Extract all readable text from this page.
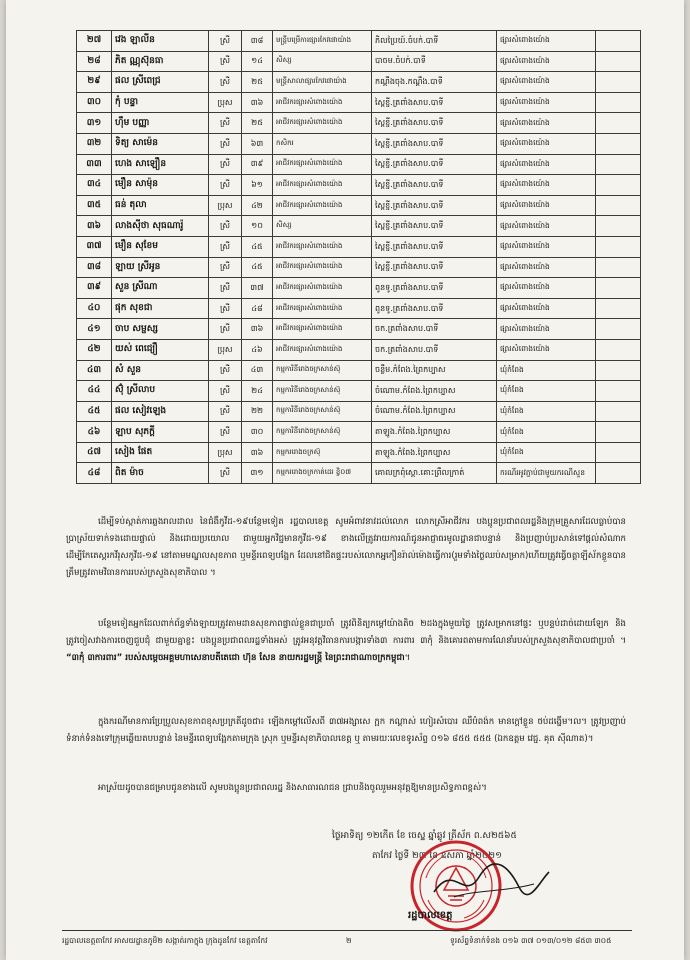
២៧	វេង ឡាលីន	ស្រី	៣៨	មន្ត្រីបម្រើការផ្សារកែវផោយ៉ាង	ភិលប្រៃយ៍.ចំបក់.បាទី	ផ្សារសំពោងយ៉ោង	
២៨	ភិត ណ្ណុស៊ុនធា	ស្រី	១៤	សិស្ស	បាចម.ចំបក់.បាទី	ផ្សារសំពោងយ៉ោង	
២៩	ផល ស្រីពេជ្រ	ស្រី	២៥	មន្ត្រីសាលាផ្សារកែវផោយ៉ាង	កណ្តឹងចុង.កណ្តឹង.បាទី	ផ្សារសំពោងយ៉ោង	
៣០	កុំ បន្ទា	ប្រុស	៣៦	អាជីវករផ្សារសំពោងយ៉ោង	ស្ពៃខ្ចី.ត្រពាំងសាប.បាទី	ផ្សារសំពោងយ៉ោង	
៣១	ហ៊ឹម បញ្ញា	ស្រី	២៥	អាជីវករផ្សារសំពោងយ៉ោង	ស្ពៃខ្ចី.ត្រពាំងសាប.បាទី	ផ្សារសំពោងយ៉ោង	
៣២	ទិត្យ សាម៉េន	ស្រី	៦៣	កសិករ	ស្ពៃខ្ចី.ត្រពាំងសាប.បាទី	ផ្សារសំពោងយ៉ោង	
៣៣	ហេង សាឡឿន	ស្រី	៣៩	អាជីវករផ្សារសំពោងយ៉ោង	ស្ពៃខ្ចី.ត្រពាំងសាប.បាទី	ផ្សារសំពោងយ៉ោង	
៣៤	មឿន សាម៉ុន	ស្រី	៦១	អាជីវករផ្សារសំពោងយ៉ោង	ស្ពៃខ្ចី.ត្រពាំងសាប.បាទី	ផ្សារសំពោងយ៉ោង	
៣៥	ធន់ តុលា	ប្រុស	៤២	អាជីវករផ្សារសំពោងយ៉ោង	ស្ពៃខ្ចី.ត្រពាំងសាប.បាទី	ផ្សារសំពោងយ៉ោង	
៣៦	លាងស៊ីថា សុធណារ៉ូ	ស្រី	១០	សិស្ស	ស្ពៃខ្ចី.ត្រពាំងសាប.បាទី	ផ្សារសំពោងយ៉ោង	
៣៧	មឿន សុខែម	ស្រី	៤៥	អាជីវករផ្សារសំពោងយ៉ោង	ស្ពៃខ្ចី.ត្រពាំងសាប.បាទី	ផ្សារសំពោងយ៉ោង	
៣៨	ឡាយ ស្រីអូន	ស្រី	៤៥	អាជីវករផ្សារសំពោងយ៉ោង	ស្ពៃខ្ចី.ត្រពាំងសាប.បាទី	ផ្សារសំពោងយ៉ោង	
៣៩	សួន ស្រីណា	ស្រី	៣៧	អាជីវករផ្សារសំពោងយ៉ោង	ពូនទូ.ត្រពាំងសាប.បាទី	ផ្សារសំពោងយ៉ោង	
៤០	ផុក សុខជា	ស្រី	៤៨	អាជីវករផ្សារសំពោងយ៉ោង	ពូនទូ.ត្រពាំងសាប.បាទី	ផ្សារសំពោងយ៉ោង	
៤១	ចាប សម្ផស្ស	ស្រី	៣៦	អាជីវករផ្សារសំពោងយ៉ោង	ចក.ត្រពាំងសាប.បាទី	ផ្សារសំពោងយ៉ោង	
៤២	យស់ ពេជ្យឿ	ប្រុស	៤៦	អាជីវករផ្សារសំពោងយ៉ោង	ចក.ត្រពាំងសាប.បាទី	ផ្សារសំពោងយ៉ោង	
៤៣	សំ សួន	ស្រី	៤៣	កម្មការិនីរោងចក្រសាន់ស៊ុ	ចន្លឹម.កំពែង.ព្រៃកប្បាស	ឃុំកំពែង	
៤៤	ស៊ុំ ស្រីលាប	ស្រី	២៤	កម្មការិនីរោងចក្រសាន់ស៊ុ	ចំណោម.កំពែង.ព្រៃកប្បាស	ឃុំកំពែង	
៤៥	ផល សៀវឡេង	ស្រី	២២	កម្មការិនីរោងចក្រសាន់ស៊ុ	ចំណោម.កំពែង.ព្រៃកប្បាស	ឃុំកំពែង	
៤៦	ឡាប សុភក្ដី	ស្រី	៣០	កម្មការិនីរោងចក្រសាន់ស៊ុ	តាឡូង.កំពែង.ព្រៃកប្បាស	ឃុំកំពែង	
៤៧	សៀង ផែត	ប្រុស	៣៦	កម្មកររោងចក្រស៊ុ	តាឡូង.កំពែង.ព្រៃកប្បាស	ឃុំកំពែង	
៤៨	ពិត ម៉ាច	ស្រី	៣១	កម្មកររោងចក្រកាត់ដេរ ខ្វិ០៧	គោលក្រពុំស្គោ.គោះព្រឹលក្រាត់	ករណីរអូវភ្ជាប់ជាមួយករណីសួន	
ដើម្បីទប់ស្កាត់ការឆ្លងរាលដាល នៃជំងឺកូវីដ-១៩បន្ថែមទៀត រដ្ឋបាលខេត្ត សូមអំពាវនាវដល់លោក លោកស្រីអាជីវករ បងប្អូនប្រជាពលរដ្ឋនិងក្រុមគ្រួសារដែលធ្លាប់បានប្រាស្រ័យទាក់ទងដោយផ្ទាល់ និងដោយប្រយោល ជាមួយអ្នកវិជ្ជមានកូវីដ-១៩ ខាងលើត្រូវរាយការណ៍ជូនអាជ្ញាធរមូលដ្ឋានជាបន្ទាន់ និងប្រញាប់ប្រសាន់ទៅផ្តល់សំណាក ដើម្បីកែតេស្តរកវីរុសកូវីដ-១៩ នៅតាមមណ្ឌលសុខភាព ឬមន្ទីរពេទ្យបង្អែក ដែលនៅជិតផ្ទះរបស់លោកអ្នកឿនរ៉ាល់ម៉ោងធ្វើការ(រួមទាំងថ្ងៃឈប់សម្រាក)ហើយត្រូវធ្វើចត្តាឡីស័កខ្លួនបានត្រឹមត្រូវតាមវិធានការរបស់ក្រសួងសុខាភិបាល ។
បន្ថែមទៀតអ្នកដែលពាក់ព័ន្ធទាំងឡាយត្រូវតាមដានសុខភាពផ្ទាល់ខ្លួនជាប្រចាំ ត្រូវពិនិត្យកម្ដៅយ៉ាងតិច ២ដងក្នុងមួយថ្ងៃ ត្រូវសម្រាកនៅផ្ទះ ឬបន្ទប់ដាច់ដោយឡែក និងត្រូវចៀសវាងការចេញជួបជុំ ជាមួយគ្នាខ្លះ បងប្អូនប្រជាពលរដ្ឋទាំងអស់ ត្រូវអនុវត្តវិធានការបង្ការទាំង៣ ការពារ ៣កុំ និងគោរពតាមការណែនាំរបស់ក្រសួងសុខាភិបាលជាប្រចាំ ។ “៣កុំ ៣ការពារ” របស់សម្ដេចអគ្គមហាសេនាបតីតេជោ ហ៊ុន សែន នាយករដ្ឋមន្ត្រី នៃព្រះរាជាណាចក្រកម្ពុជា។
ក្នុងករណីមានការប្រែប្រួលសុខភាពខុសប្រក្រតីដូចជា៖ ឡើងកម្ដៅលើសពី ៣៧អង្សាសេ ក្អក កណ្តាស់ ហៀរសំបោរ ឈឺបំពង់ក មានក្ដៅខ្លួន ថប់ដង្ហើម។ល។ ត្រូវប្រញាប់ទំនាក់ទំនងទៅក្រុមឆ្លើយតបបន្ទាន់ នៃមន្ទីរពេទ្យបង្អែកតាមក្រុង ស្រុក ឬមន្ទីរសុខាភិបាលខេត្ត ឬ តាមរយៈលេខទូរស័ព្ទ ០១៦ ៨៥៥ ៥៥៥ (ឯកឧត្តម វេជ្ជ. គុត ស៊ីណាត)។
អាស្រ័យដូចបានជម្រាបជូនខាងលើ សូមបងប្អូនប្រជាពលរដ្ឋ និងសាធារណជន ជ្រាបនិងចូលរួមអនុវត្តឱ្យមានប្រសិទ្ធភាពខ្ពស់។
ថ្ងៃអាទិត្យ ១២កើត ខែ ចេស្ឋ ឆ្នាំឆ្លូវ ត្រីស័ក ព.ស២៥៦៥
តាកែវ ថ្ងៃទី ២៣ ខែ ឧសភា ឆ្នាំ២០២១
រដ្ឋបាលខេត្ត
រដ្ឋបាលខេត្តតាកែវ អាសយដ្ឋានភូមិ២ សង្កាត់រកាក្នុង ក្រុងដូនកែវ ខេត្តតាកែវ	២	ទូរស័ព្ទទំនាក់ទំនង ០១៦ ៣៧ ០១៣/០១២ ៨៥៣ ៣០៥
